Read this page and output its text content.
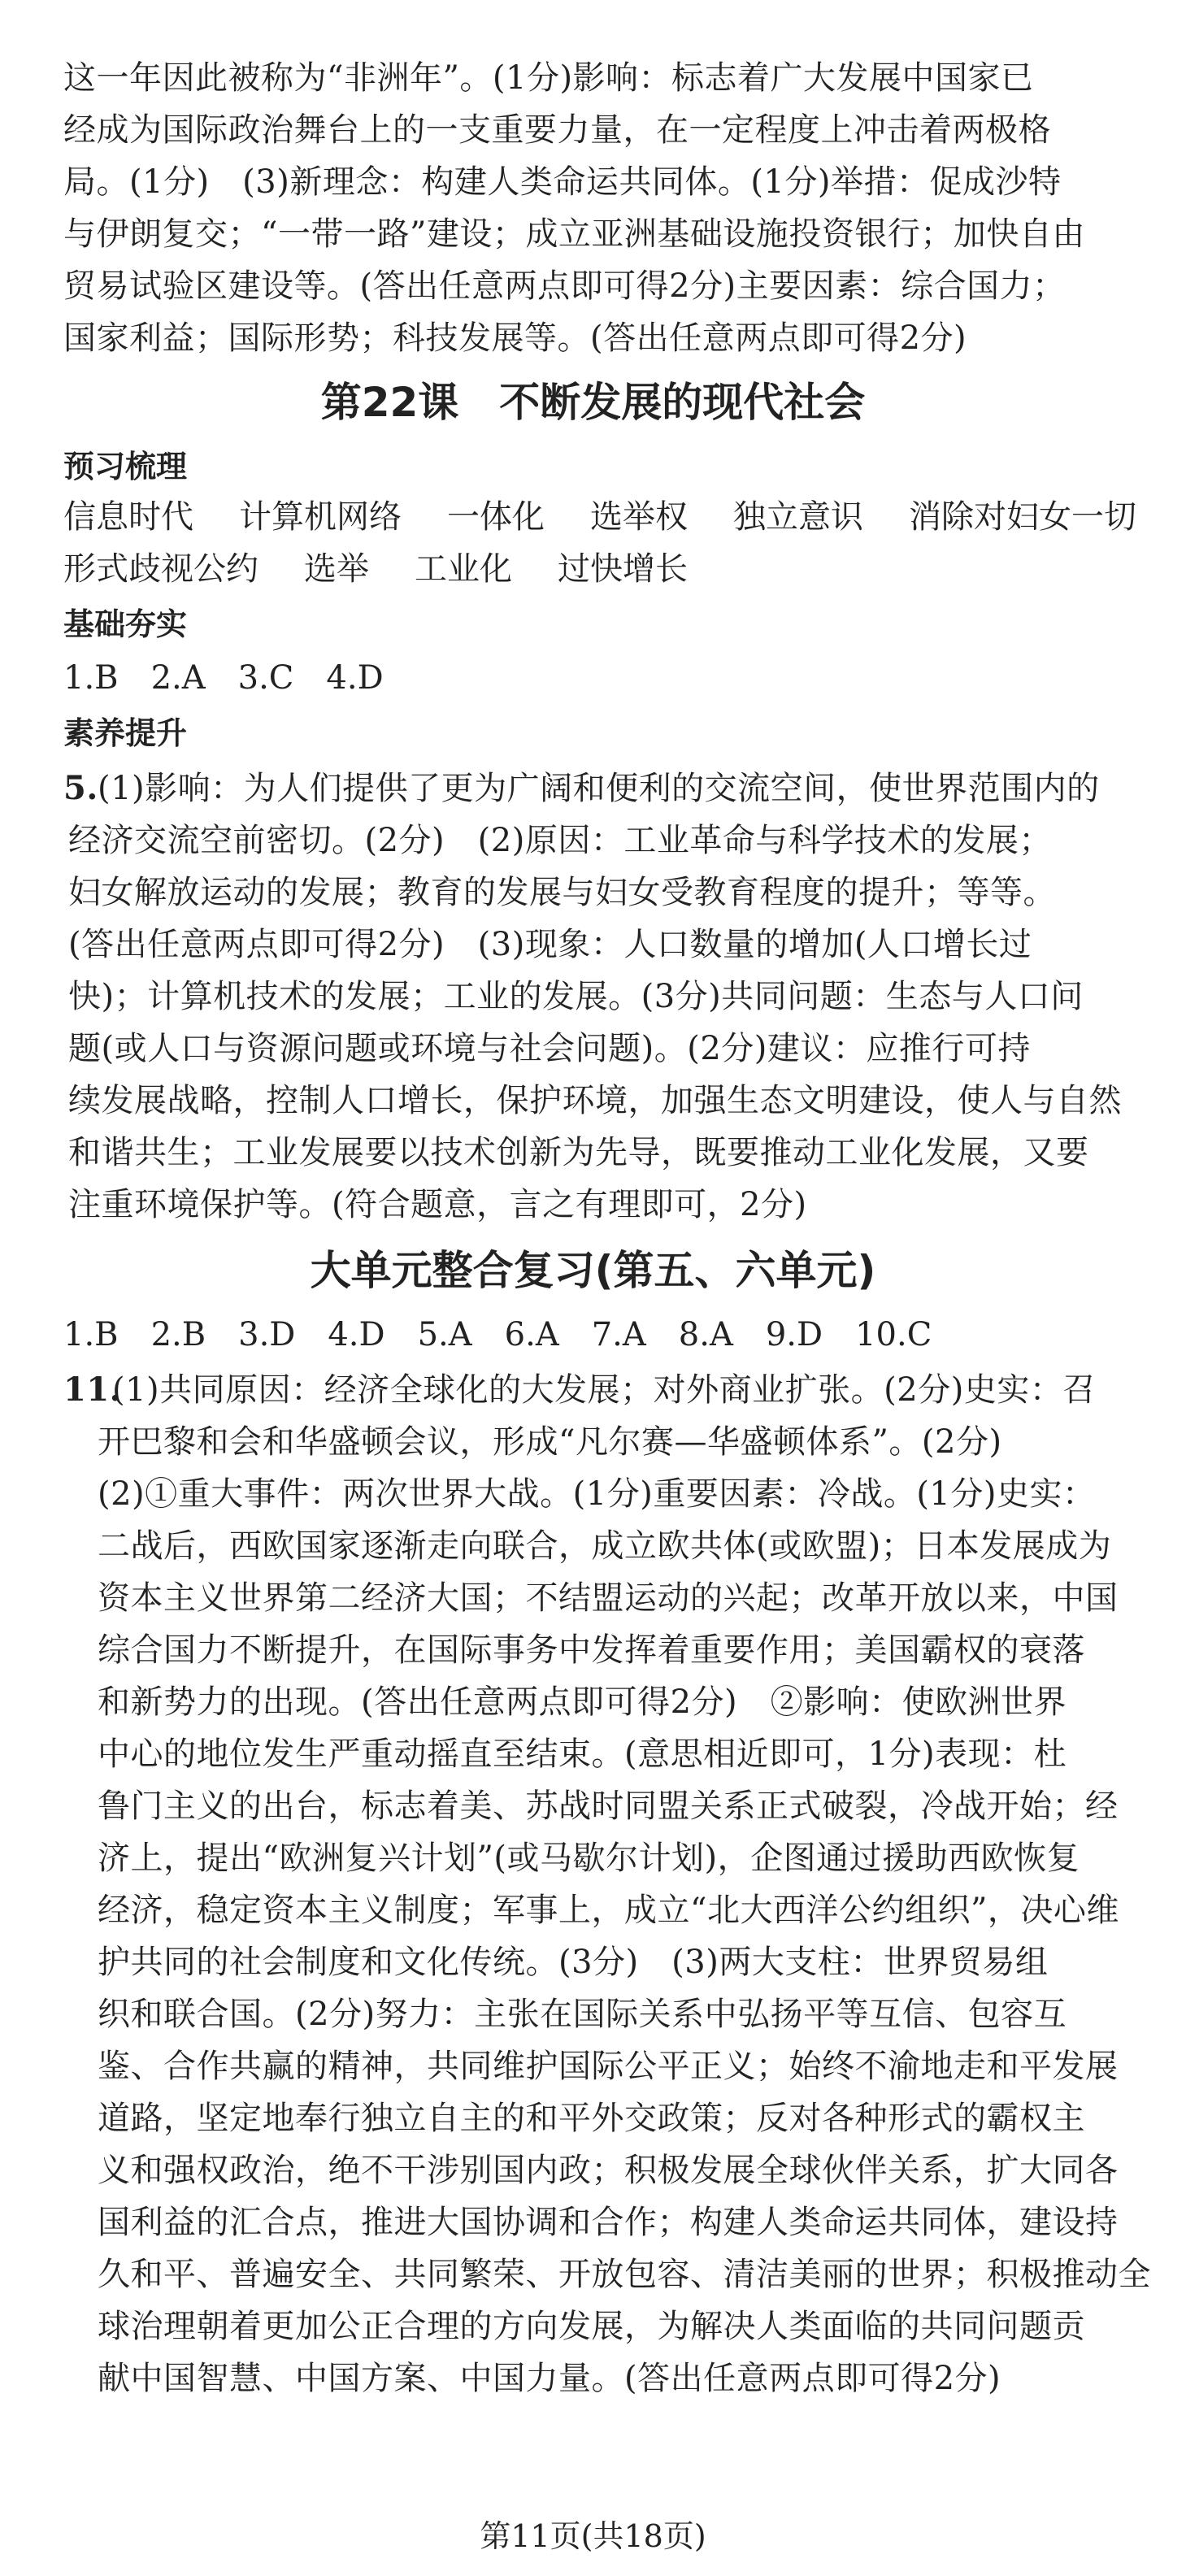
这一年因此被称为“非洲年”。(1分)影响：标志着广大发展中国家已
经成为国际政治舞台上的一支重要力量，在一定程度上冲击着两极格
局。(1分)　(3)新理念：构建人类命运共同体。(1分)举措：促成沙特
与伊朗复交；“一带一路”建设；成立亚洲基础设施投资银行；加快自由
贸易试验区建设等。(答出任意两点即可得2分)主要因素：综合国力；
国家利益；国际形势；科技发展等。(答出任意两点即可得2分)
第22课　不断发展的现代社会
预习梳理
信息时代 计算机网络 一体化 选举权 独立意识 消除对妇女一切
形式歧视公约 选举 工业化 过快增长
基础夯实
1.B 2.A 3.C 4.D
素养提升
5. (1)影响：为人们提供了更为广阔和便利的交流空间，使世界范围内的
经济交流空前密切。(2分)　(2)原因：工业革命与科学技术的发展；
妇女解放运动的发展；教育的发展与妇女受教育程度的提升；等等。
(答出任意两点即可得2分)　(3)现象：人口数量的增加(人口增长过
快)；计算机技术的发展；工业的发展。(3分)共同问题：生态与人口问
题(或人口与资源问题或环境与社会问题)。(2分)建议：应推行可持
续发展战略，控制人口增长，保护环境，加强生态文明建设，使人与自然
和谐共生；工业发展要以技术创新为先导，既要推动工业化发展，又要
注重环境保护等。(符合题意，言之有理即可，2分)
大单元整合复习(第五、六单元)
1.B 2.B 3.D 4.D 5.A 6.A 7.A 8.A 9.D 10.C
11.
(1)共同原因：经济全球化的大发展；对外商业扩张。(2分)史实：召
开巴黎和会和华盛顿会议，形成“凡尔赛—华盛顿体系”。(2分)
(2)①重大事件：两次世界大战。(1分)重要因素：冷战。(1分)史实：
二战后，西欧国家逐渐走向联合，成立欧共体(或欧盟)；日本发展成为
资本主义世界第二经济大国；不结盟运动的兴起；改革开放以来，中国
综合国力不断提升，在国际事务中发挥着重要作用；美国霸权的衰落
和新势力的出现。(答出任意两点即可得2分)　②影响：使欧洲世界
中心的地位发生严重动摇直至结束。(意思相近即可，1分)表现：杜
鲁门主义的出台，标志着美、苏战时同盟关系正式破裂，冷战开始；经
济上，提出“欧洲复兴计划”(或马歇尔计划)，企图通过援助西欧恢复
经济，稳定资本主义制度；军事上，成立“北大西洋公约组织”，决心维
护共同的社会制度和文化传统。(3分)　(3)两大支柱：世界贸易组
织和联合国。(2分)努力：主张在国际关系中弘扬平等互信、包容互
鉴、合作共赢的精神，共同维护国际公平正义；始终不渝地走和平发展
道路，坚定地奉行独立自主的和平外交政策；反对各种形式的霸权主
义和强权政治，绝不干涉别国内政；积极发展全球伙伴关系，扩大同各
国利益的汇合点，推进大国协调和合作；构建人类命运共同体，建设持
久和平、普遍安全、共同繁荣、开放包容、清洁美丽的世界；积极推动全
球治理朝着更加公正合理的方向发展，为解决人类面临的共同问题贡
献中国智慧、中国方案、中国力量。(答出任意两点即可得2分)
第11页(共18页)
